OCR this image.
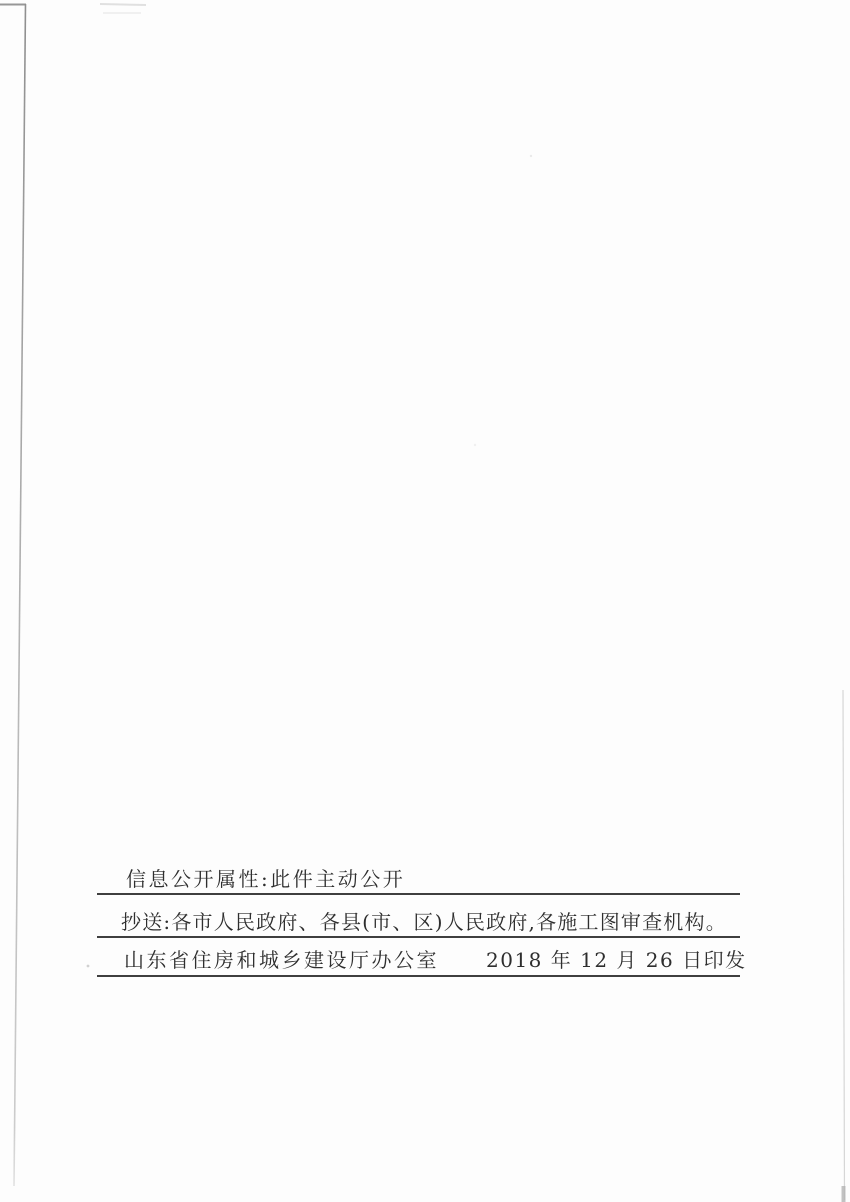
信息公开属性:此件主动公开
抄送:各市人民政府、各县(市、区)人民政府,各施工图审查机构。
山东省住房和城乡建设厅办公室 2018 年 12 月 26 日印发
